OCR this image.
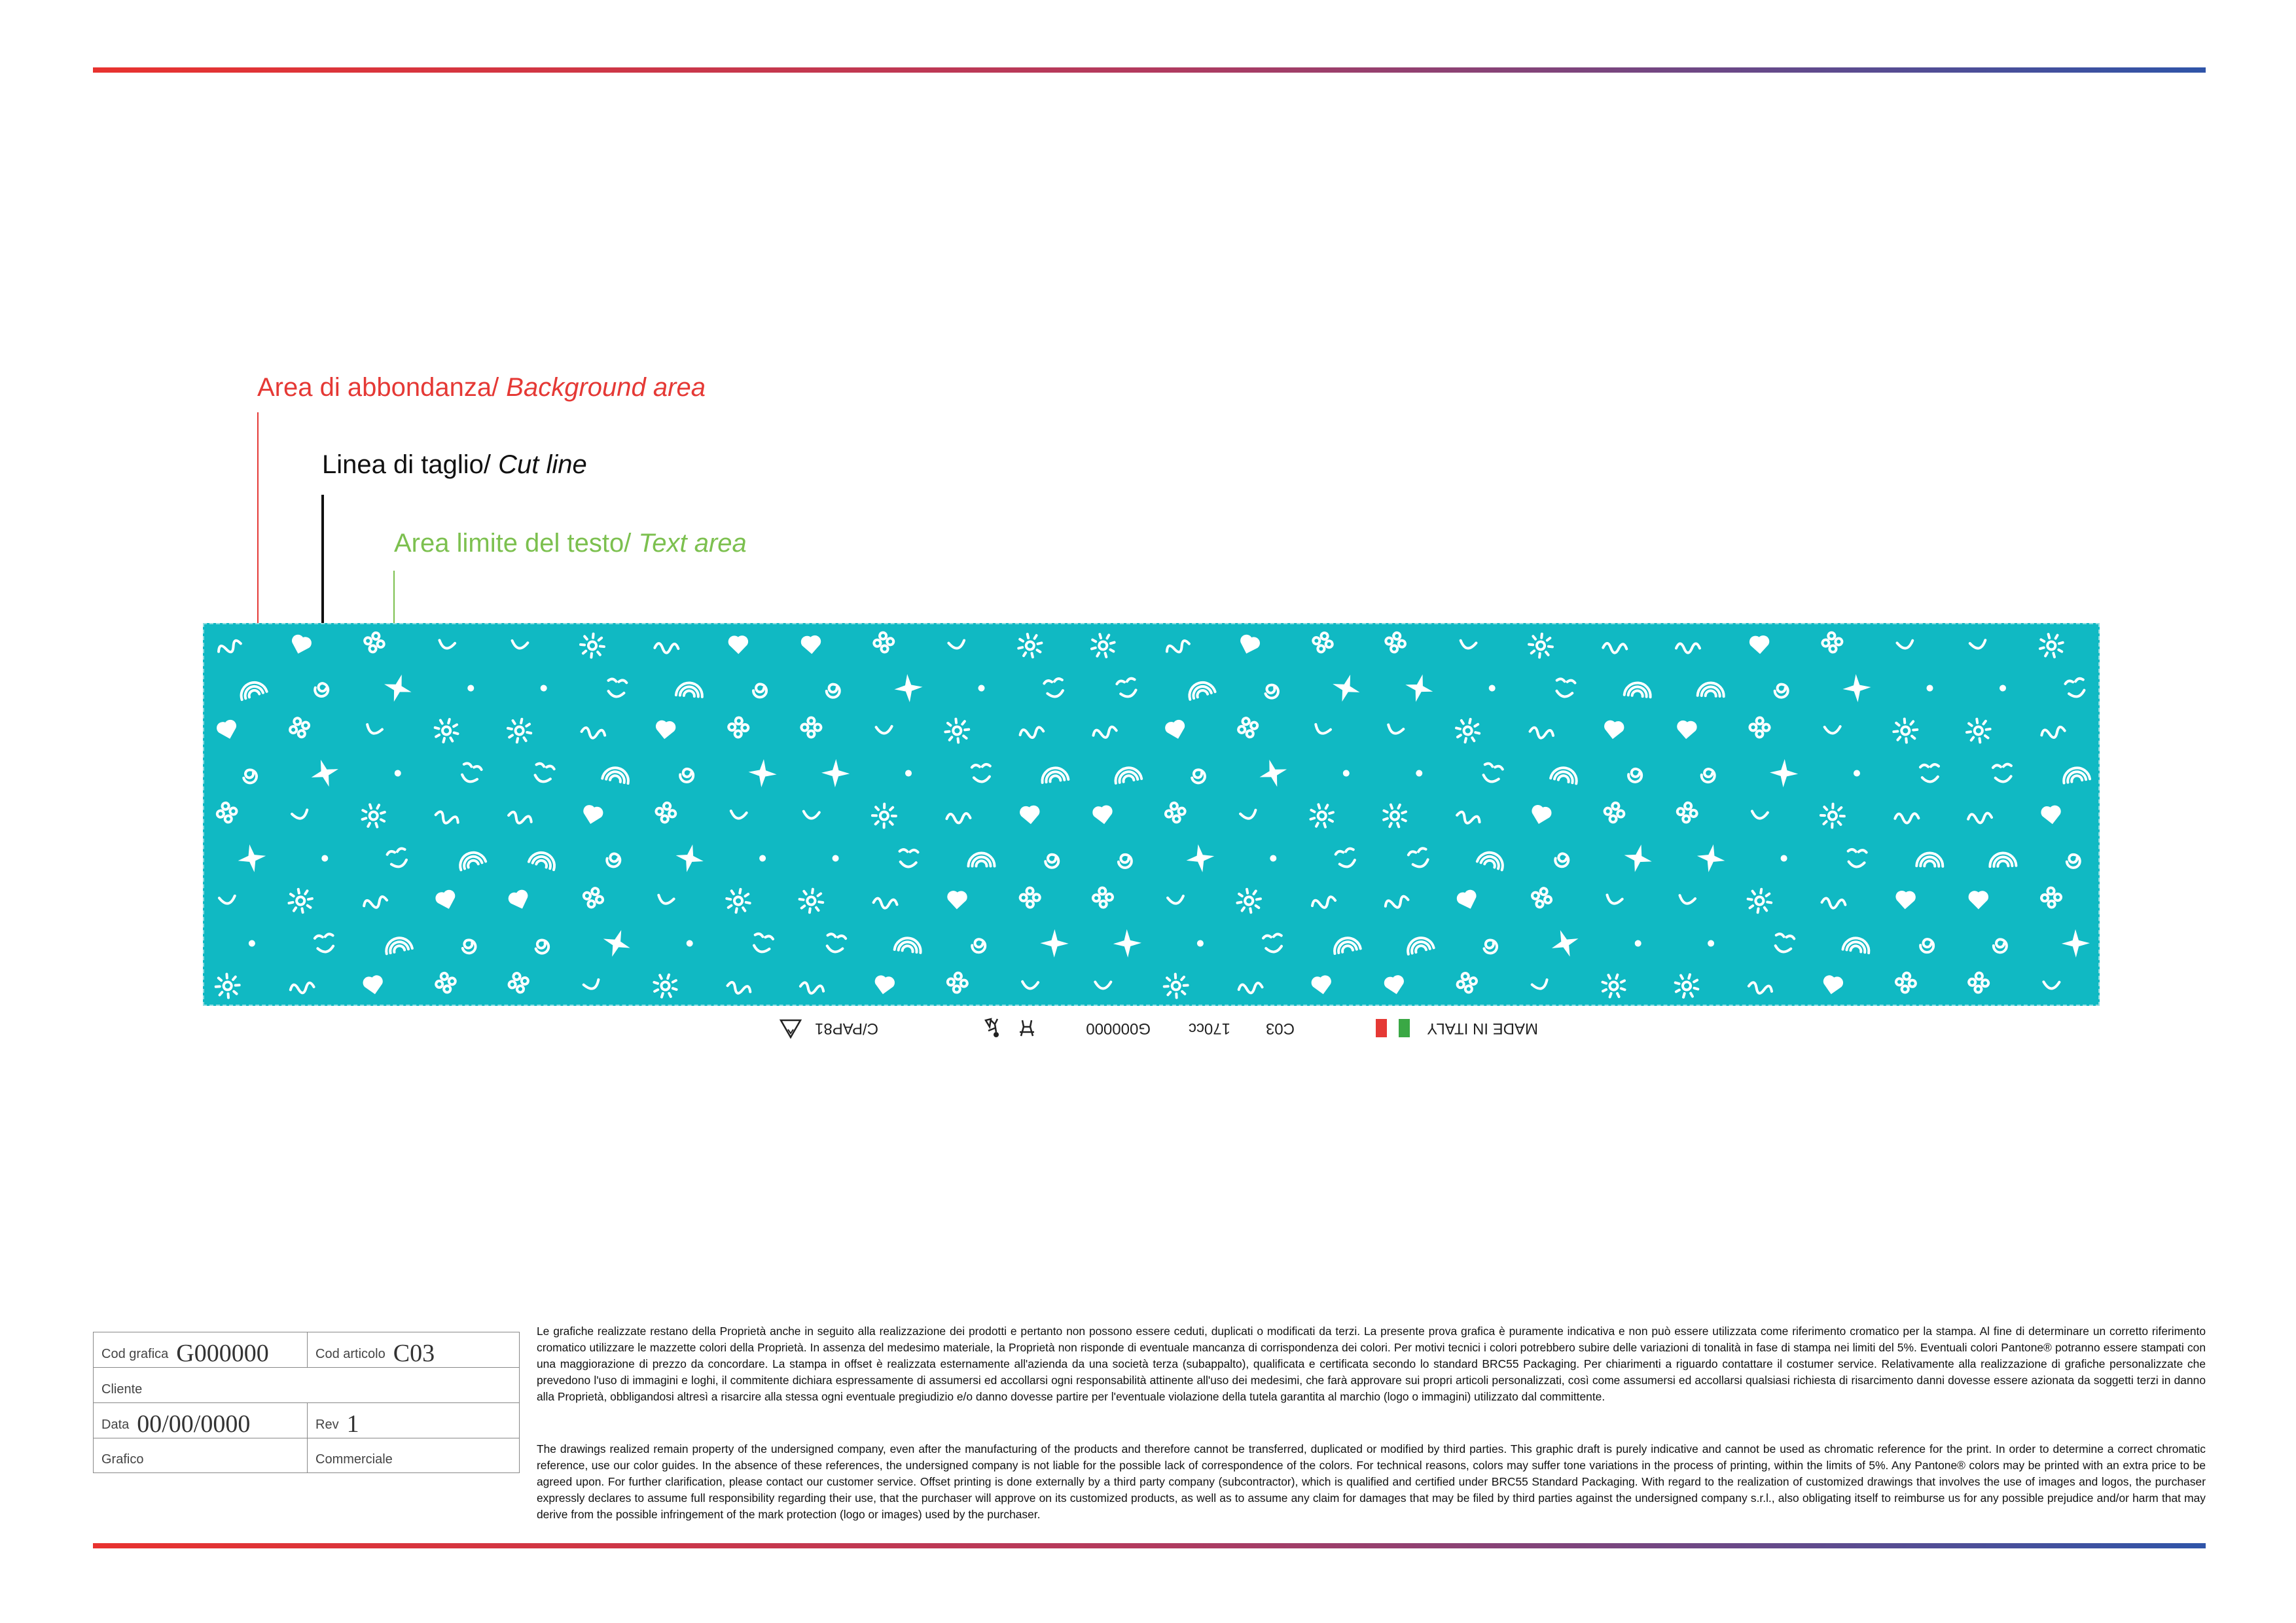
Area di abbondanza/ Background area
Linea di taglio/ Cut line
Area limite del testo/ Text area
MADE IN ITALY
C03
170cc
G000000
C/PAP81
Cod grafica G000000	Cod articolo C03
Cliente
Data 00/00/0000	Rev 1
Grafico	Commerciale
Le grafiche realizzate restano della Proprietà anche in seguito alla realizzazione dei prodotti e pertanto non possono essere ceduti, duplicati o modificati da terzi. La presente prova grafica è puramente indicativa e non può essere utilizzata come riferimento cromatico per la stampa. Al fine di determinare un corretto riferimento cromatico utilizzare le mazzette colori della Proprietà. In assenza del medesimo materiale, la Proprietà non risponde di eventuale mancanza di corrispondenza dei colori. Per motivi tecnici i colori potrebbero subire delle variazioni di tonalità in fase di stampa nei limiti del 5%. Eventuali colori Pantone® potranno essere stampati con una maggiorazione di prezzo da concordare. La stampa in offset è realizzata esternamente all'azienda da una società terza (subappalto), qualificata e certificata secondo lo standard BRC55 Packaging. Per chiarimenti a riguardo contattare il costumer service. Relativamente alla realizzazione di grafiche personalizzate che prevedono l'uso di immagini e loghi, il commitente dichiara espressamente di assumersi ed accollarsi ogni responsabilità attinente all'uso dei medesimi, che farà approvare sui propri articoli personalizzati, così come assumersi ed accollarsi qualsiasi richiesta di risarcimento danni dovesse essere azionata da soggetti terzi in danno alla Proprietà, obbligandosi altresì a risarcire alla stessa ogni eventuale pregiudizio e/o danno dovesse partire per l'eventuale violazione della tutela garantita al marchio (logo o immagini) utilizzato dal committente.
The drawings realized remain property of the undersigned company, even after the manufacturing of the products and therefore cannot be transferred, duplicated or modified by third parties. This graphic draft is purely indicative and cannot be used as chromatic reference for the print. In order to determine a correct chromatic reference, use our color guides. In the absence of these references, the undersigned company is not liable for the possible lack of correspondence of the colors. For technical reasons, colors may suffer tone variations in the process of printing, within the limits of 5%. Any Pantone® colors may be printed with an extra price to be agreed upon. For further clarification, please contact our customer service. Offset printing is done externally by a third party company (subcontractor), which is qualified and certified under BRC55 Standard Packaging. With regard to the realization of customized drawings that involves the use of images and logos, the purchaser expressly declares to assume full responsibility regarding their use, that the purchaser will approve on its customized products, as well as to assume any claim for damages that may be filed by third parties against the undersigned company s.r.l., also obligating itself to reimburse us for any possible prejudice and/or harm that may derive from the possible infringement of the mark protection (logo or images) used by the purchaser.
